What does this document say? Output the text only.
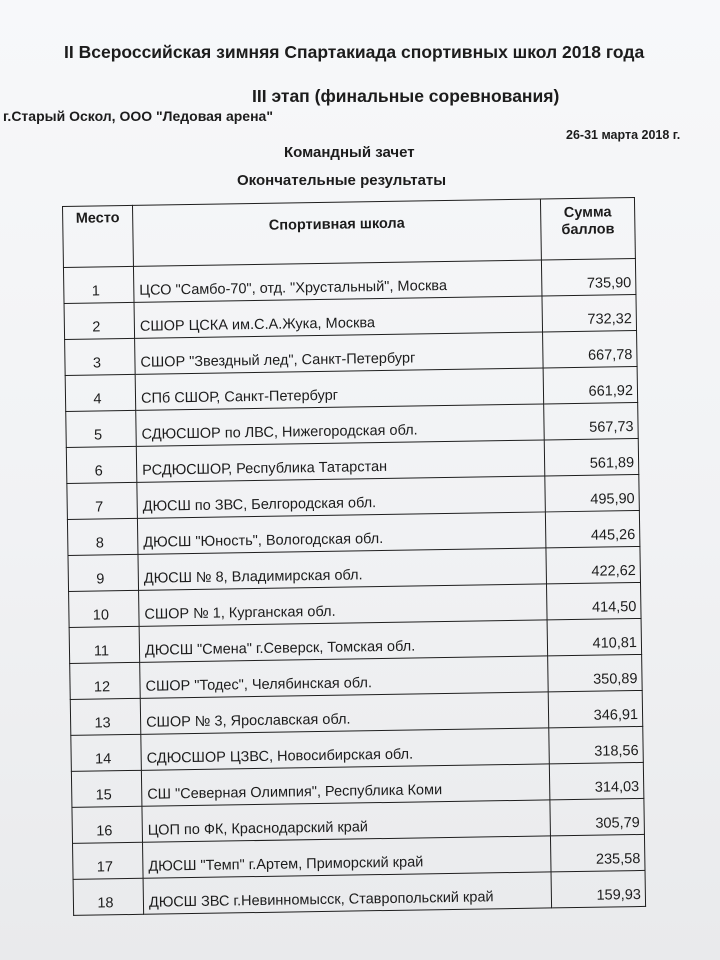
II Всероссийская зимняя Спартакиада спортивных школ 2018 года
III этап (финальные соревнования)
г.Старый Оскол, ООО "Ледовая арена"
26-31 марта 2018 г.
Командный зачет
Окончательные результаты
Место	Спортивная школа	Сумма
баллов

1	ЦСО "Самбо-70", отд. "Хрустальный", Москва	735,90
2	СШОР ЦСКА им.С.А.Жука, Москва	732,32
3	СШОР "Звездный лед", Санкт-Петербург	667,78
4	СПб СШОР, Санкт-Петербург	661,92
5	СДЮСШОР по ЛВС, Нижегородская обл.	567,73
6	РСДЮСШОР, Республика Татарстан	561,89
7	ДЮСШ по ЗВС, Белгородская обл.	495,90
8	ДЮСШ "Юность", Вологодская обл.	445,26
9	ДЮСШ № 8, Владимирская обл.	422,62
10	СШОР № 1, Курганская обл.	414,50
11	ДЮСШ "Смена" г.Северск, Томская обл.	410,81
12	СШОР "Тодес", Челябинская обл.	350,89
13	СШОР № 3, Ярославская обл.	346,91
14	СДЮСШОР ЦЗВС, Новосибирская обл.	318,56
15	СШ "Северная Олимпия", Республика Коми	314,03
16	ЦОП по ФК, Краснодарский край	305,79
17	ДЮСШ "Темп" г.Артем, Приморский край	235,58
18	ДЮСШ ЗВС г.Невинномысск, Ставропольский край	159,93
